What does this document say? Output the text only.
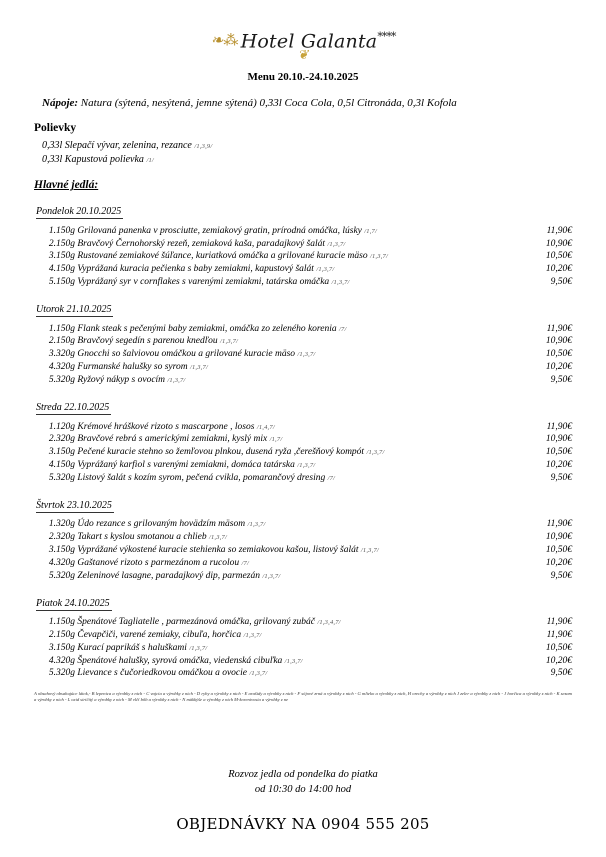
❧⁂ Hotel Galanta****
❦
Menu 20.10.-24.10.2025
Nápoje: Natura (sýtená, nesýtená, jemne sýtená) 0,33l Coca Cola, 0,5l Citronáda, 0,3l Kofola
Polievky
0,33l Slepačí vývar, zelenina, rezance /1,3,9/
0,33l Kapustová polievka /1/
Hlavné jedlá:
Pondelok 20.10.2025
1.	150g Grilovaná panenka v prosciutte, zemiakový gratin, prírodná omáčka, lúsky /1,7/	11,90€
2.	150g Bravčový Černohorský rezeň, zemiaková kaša, paradajkový šalát /1,3,7/	10,90€
3.	150g Rustované zemiakové šúľance, kuriatková omáčka a grilované kuracie mäso /1,3,7/	10,50€
4.	150g Vyprážaná kuracia pečienka s baby zemiakmi, kapustový šalát /1,3,7/	10,20€
5.	150g Vyprážaný syr v cornflakes s varenými zemiakmi, tatárska omáčka /1,3,7/	9,50€
Utorok 21.10.2025
1.	150g Flank steak s pečenými baby zemiakmi, omáčka zo zeleného korenia /7/	11,90€
2.	150g Bravčový segedín s parenou knedľou /1,3,7/	10,90€
3.	320g Gnocchi so šalviovou omáčkou a grilované kuracie mäso /1,3,7/	10,50€
4.	320g Furmanské halušky so syrom /1,3,7/	10,20€
5.	320g Ryžový nákyp s ovocím /1,3,7/	9,50€
Streda 22.10.2025
1.	120g Krémové hráškové rizoto s mascarpone , losos /1,4,7/	11,90€
2.	320g Bravčové rebrá s americkými zemiakmi, kyslý mix /1,7/	10,90€
3.	150g Pečené kuracie stehno so žemľovou plnkou, dusená ryža ,čerešňový kompót /1,3,7/	10,50€
4.	150g Vyprážaný karfiol s varenými zemiakmi, domáca tatárska /1,3,7/	10,20€
5.	320g Listový šalát s kozím syrom, pečená cvikla, pomarančový dresing /7/	9,50€
Štvrtok 23.10.2025
1.	320g Údo rezance s grilovaným hovädzím mäsom /1,3,7/	11,90€
2.	320g Takart s kyslou smotanou a chlieb /1,3,7/	10,90€
3.	150g Vyprážané výkostené kuracie stehienka so zemiakovou kašou, listový šalát /1,3,7/	10,50€
4.	320g Gaštanové rizoto s parmezánom a rucolou /7/	10,20€
5.	320g Zeleninové lasagne, paradajkový dip, parmezán /1,3,7/	9,50€
Piatok 24.10.2025
1.	150g Špenátové Tagliatelle , parmezánová omáčka, grilovaný zubáč /1,3,4,7/	11,90€
2.	150g Čevapčiči, varené zemiaky, cibuľa, horčica /1,3,7/	11,90€
3.	150g Kurací paprikáš s haluškami /1,3,7/	10,50€
4.	320g Špenátové halušky, syrová omáčka, viedenská cibuľka /1,3,7/	10,20€
5.	320g Lievance s čučoriedkovou omáčkou a ovocie /1,3,7/	9,50€
A obsahový obsahujúce látok,- B lepenica a výrobky z nich - C vajcia a výrobky z nich - D ryby a výrobky z nich - E arašidy a výrobky z nich - F sójové zrná a výrobky z nich - G mlieko a výrobky z nich, H orechy a výrobky z nich J zeler a výrobky z nich - J horčica a výrobky z nich - K sezam a výrobky z nich - L oxid siričitý a výrobky z nich - M vlčí bôb a výrobky z nich - N mäkkýše a výrobky z nich M-korenivosia a výrobky z ne
Rozvoz jedla od pondelka do piatka
od 10:30 do 14:00 hod
OBJEDNÁVKY NA 0904 555 205
